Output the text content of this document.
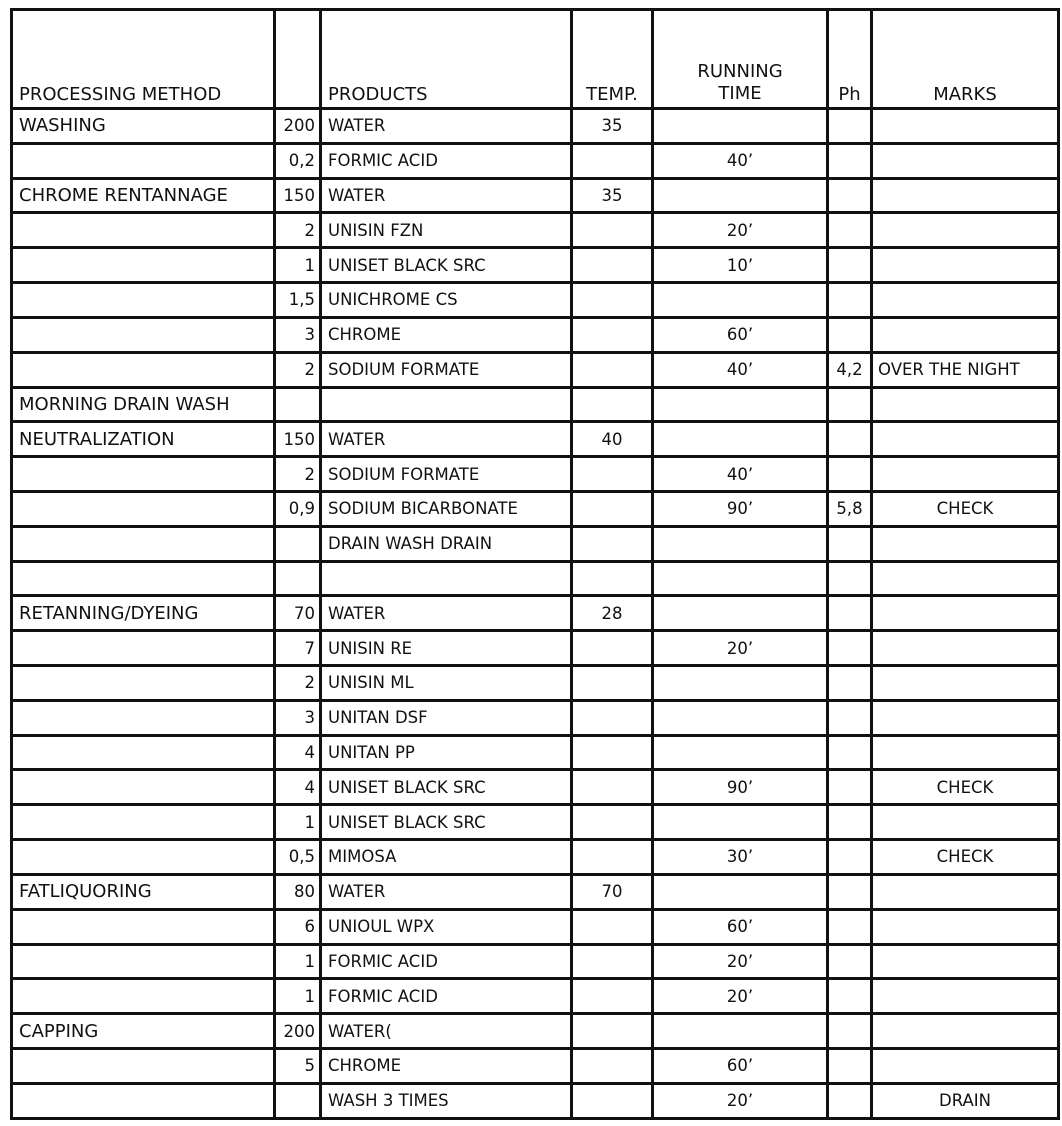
PROCESSING METHOD		PRODUCTS	TEMP.	RUNNING
TIME	Ph	MARKS
WASHING	200	WATER	35			
	0,2	FORMIC ACID		40’		
CHROME RENTANNAGE	150	WATER	35			
	2	UNISIN FZN		20’		
	1	UNISET BLACK SRC		10’		
	1,5	UNICHROME CS				
	3	CHROME		60’		
	2	SODIUM FORMATE		40’	4,2	OVER THE NIGHT
MORNING DRAIN WASH						
NEUTRALIZATION	150	WATER	40			
	2	SODIUM FORMATE		40’		
	0,9	SODIUM BICARBONATE		90’	5,8	CHECK
		DRAIN WASH DRAIN				

RETANNING/DYEING	70	WATER	28			
	7	UNISIN RE		20’		
	2	UNISIN ML				
	3	UNITAN DSF				
	4	UNITAN PP				
	4	UNISET BLACK SRC		90’		CHECK
	1	UNISET BLACK SRC				
	0,5	MIMOSA		30’		CHECK
FATLIQUORING	80	WATER	70			
	6	UNIOUL WPX		60’		
	1	FORMIC ACID		20’		
	1	FORMIC ACID		20’		
CAPPING	200	WATER(				
	5	CHROME		60’		
		WASH 3 TIMES		20’		DRAIN
